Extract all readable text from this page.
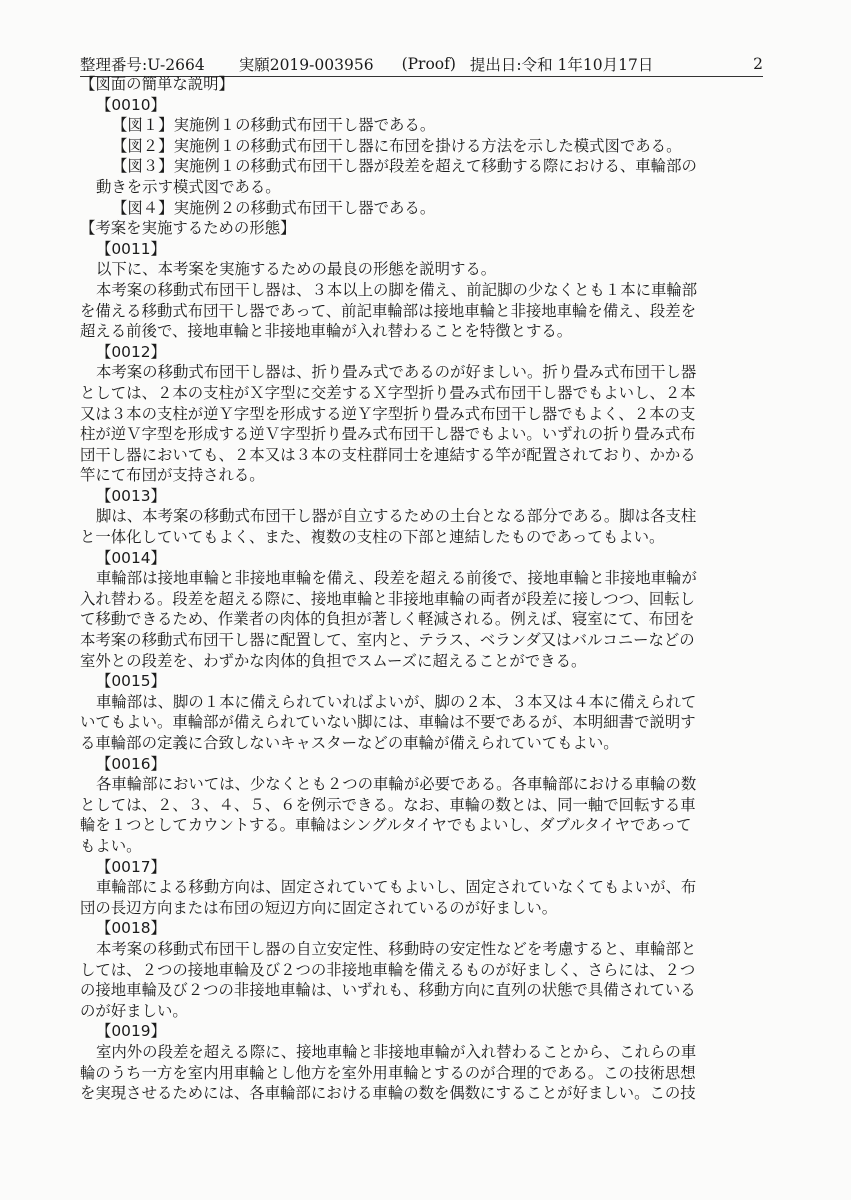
整理番号:U-2664 実願2019-003956 (Proof) 提出日:令和 1年10月17日	2
【図面の簡単な説明】
【0010】
【図１】実施例１の移動式布団干し器である。
【図２】実施例１の移動式布団干し器に布団を掛ける方法を示した模式図である。
【図３】実施例１の移動式布団干し器が段差を超えて移動する際における、車輪部の
動きを示す模式図である。
【図４】実施例２の移動式布団干し器である。
【考案を実施するための形態】
【0011】
以下に、本考案を実施するための最良の形態を説明する。
本考案の移動式布団干し器は、３本以上の脚を備え、前記脚の少なくとも１本に車輪部
を備える移動式布団干し器であって、前記車輪部は接地車輪と非接地車輪を備え、段差を
超える前後で、接地車輪と非接地車輪が入れ替わることを特徴とする。
【0012】
本考案の移動式布団干し器は、折り畳み式であるのが好ましい。折り畳み式布団干し器
としては、２本の支柱がＸ字型に交差するＸ字型折り畳み式布団干し器でもよいし、２本
又は３本の支柱が逆Ｙ字型を形成する逆Ｙ字型折り畳み式布団干し器でもよく、２本の支
柱が逆Ｖ字型を形成する逆Ｖ字型折り畳み式布団干し器でもよい。いずれの折り畳み式布
団干し器においても、２本又は３本の支柱群同士を連結する竿が配置されており、かかる
竿にて布団が支持される。
【0013】
脚は、本考案の移動式布団干し器が自立するための土台となる部分である。脚は各支柱
と一体化していてもよく、また、複数の支柱の下部と連結したものであってもよい。
【0014】
車輪部は接地車輪と非接地車輪を備え、段差を超える前後で、接地車輪と非接地車輪が
入れ替わる。段差を超える際に、接地車輪と非接地車輪の両者が段差に接しつつ、回転し
て移動できるため、作業者の肉体的負担が著しく軽減される。例えば、寝室にて、布団を
本考案の移動式布団干し器に配置して、室内と、テラス、ベランダ又はバルコニーなどの
室外との段差を、わずかな肉体的負担でスムーズに超えることができる。
【0015】
車輪部は、脚の１本に備えられていればよいが、脚の２本、３本又は４本に備えられて
いてもよい。車輪部が備えられていない脚には、車輪は不要であるが、本明細書で説明す
る車輪部の定義に合致しないキャスターなどの車輪が備えられていてもよい。
【0016】
各車輪部においては、少なくとも２つの車輪が必要である。各車輪部における車輪の数
としては、２、３、４、５、６を例示できる。なお、車輪の数とは、同一軸で回転する車
輪を１つとしてカウントする。車輪はシングルタイヤでもよいし、ダブルタイヤであって
もよい。
【0017】
車輪部による移動方向は、固定されていてもよいし、固定されていなくてもよいが、布
団の長辺方向または布団の短辺方向に固定されているのが好ましい。
【0018】
本考案の移動式布団干し器の自立安定性、移動時の安定性などを考慮すると、車輪部と
しては、２つの接地車輪及び２つの非接地車輪を備えるものが好ましく、さらには、２つ
の接地車輪及び２つの非接地車輪は、いずれも、移動方向に直列の状態で具備されている
のが好ましい。
【0019】
室内外の段差を超える際に、接地車輪と非接地車輪が入れ替わることから、これらの車
輪のうち一方を室内用車輪とし他方を室外用車輪とするのが合理的である。この技術思想
を実現させるためには、各車輪部における車輪の数を偶数にすることが好ましい。この技
